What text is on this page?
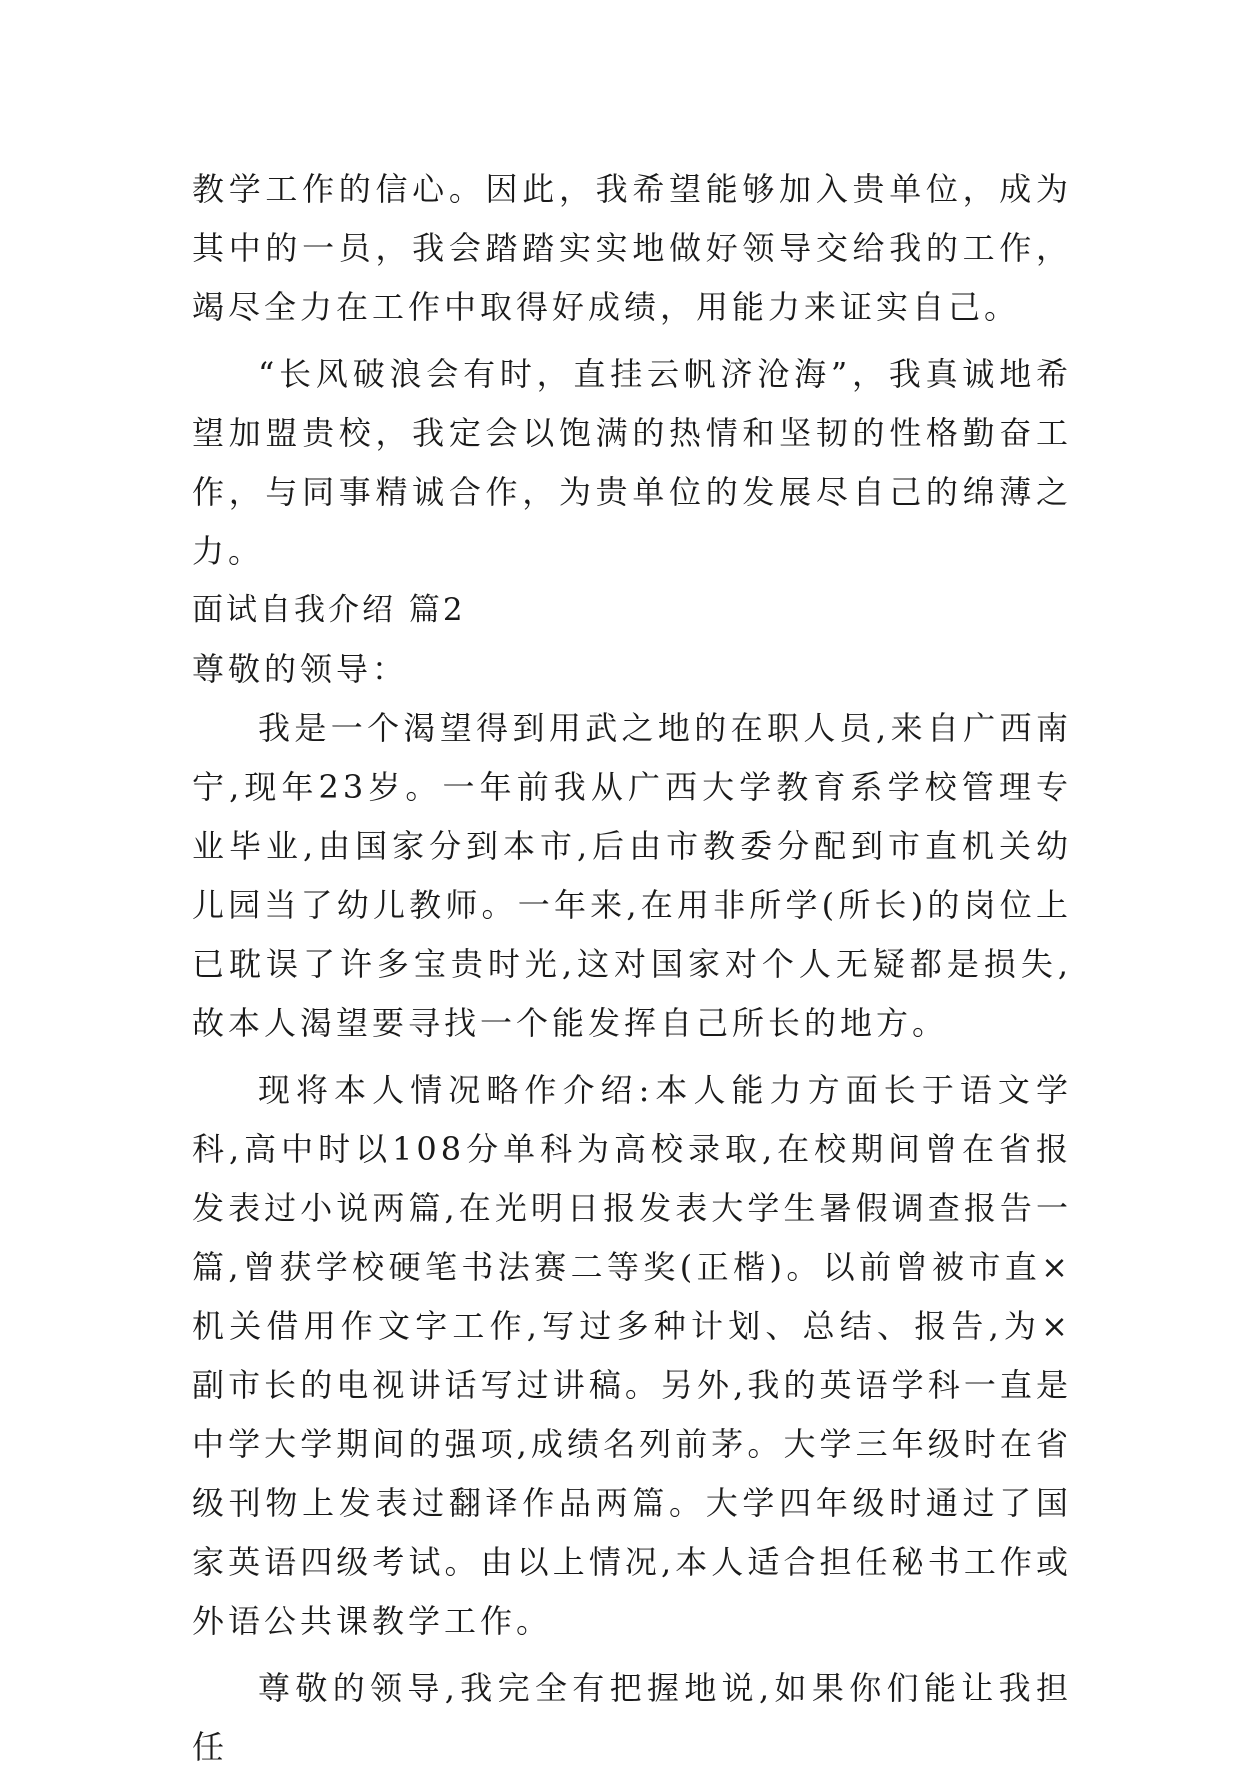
教学工作的信心。因此，我希望能够加入贵单位，成为其中的一员，我会踏踏实实地做好领导交给我的工作，竭尽全力在工作中取得好成绩，用能力来证实自己。

“长风破浪会有时，直挂云帆济沧海”，我真诚地希望加盟贵校，我定会以饱满的热情和坚韧的性格勤奋工作，与同事精诚合作，为贵单位的发展尽自己的绵薄之力。

面试自我介绍 篇2

尊敬的领导：

我是一个渴望得到用武之地的在职人员,来自广西南宁,现年23岁。一年前我从广西大学教育系学校管理专业毕业,由国家分到本市,后由市教委分配到市直机关幼儿园当了幼儿教师。一年来,在用非所学(所长)的岗位上已耽误了许多宝贵时光,这对国家对个人无疑都是损失,故本人渴望要寻找一个能发挥自己所长的地方。

现将本人情况略作介绍:本人能力方面长于语文学科,高中时以108分单科为高校录取,在校期间曾在省报发表过小说两篇,在光明日报发表大学生暑假调查报告一篇,曾获学校硬笔书法赛二等奖(正楷)。以前曾被市直×机关借用作文字工作,写过多种计划、总结、报告,为×副市长的电视讲话写过讲稿。另外,我的英语学科一直是中学大学期间的强项,成绩名列前茅。大学三年级时在省级刊物上发表过翻译作品两篇。大学四年级时通过了国家英语四级考试。由以上情况,本人适合担任秘书工作或外语公共课教学工作。

尊敬的领导,我完全有把握地说,如果你们能让我担任
